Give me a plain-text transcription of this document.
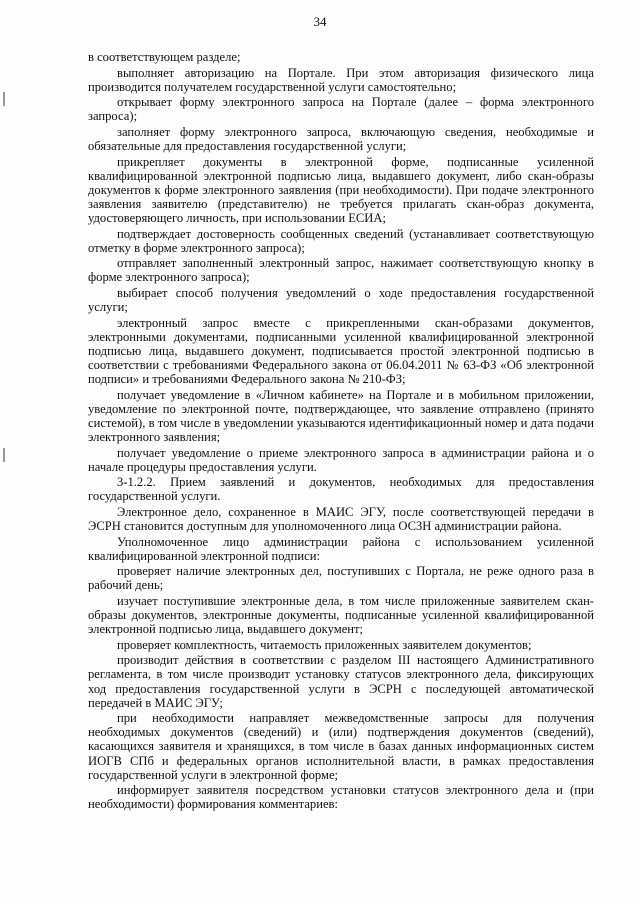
34

в соответствующем разделе;

выполняет авторизацию на Портале. При этом авторизация физического лица производится получателем государственной услуги самостоятельно;

открывает форму электронного запроса на Портале (далее – форма электронного запроса);

заполняет форму электронного запроса, включающую сведения, необходимые и обязательные для предоставления государственной услуги;

прикрепляет документы в электронной форме, подписанные усиленной квалифицированной электронной подписью лица, выдавшего документ, либо скан-образы документов к форме электронного заявления (при необходимости). При подаче электронного заявления заявителю (представителю) не требуется прилагать скан-образ документа, удостоверяющего личность, при использовании ЕСИА;

подтверждает достоверность сообщенных сведений (устанавливает соответствующую отметку в форме электронного запроса);

отправляет заполненный электронный запрос, нажимает соответствующую кнопку в форме электронного запроса);

выбирает способ получения уведомлений о ходе предоставления государственной услуги;

электронный запрос вместе с прикрепленными скан-образами документов, электронными документами, подписанными усиленной квалифицированной электронной подписью лица, выдавшего документ, подписывается простой электронной подписью в соответствии с требованиями Федерального закона от 06.04.2011 № 63-ФЗ «Об электронной подписи» и требованиями Федерального закона № 210-ФЗ;

получает уведомление в «Личном кабинете» на Портале и в мобильном приложении, уведомление по электронной почте, подтверждающее, что заявление отправлено (принято системой), в том числе в уведомлении указываются идентификационный номер и дата подачи электронного заявления;

получает уведомление о приеме электронного запроса в администрации района и о начале процедуры предоставления услуги.

3-1.2.2. Прием заявлений и документов, необходимых для предоставления государственной услуги.

Электронное дело, сохраненное в МАИС ЭГУ, после соответствующей передачи в ЭСРН становится доступным для уполномоченного лица ОСЗН администрации района.

Уполномоченное лицо администрации района с использованием усиленной квалифицированной электронной подписи:

проверяет наличие электронных дел, поступивших с Портала, не реже одного раза в рабочий день;

изучает поступившие электронные дела, в том числе приложенные заявителем скан-образы документов, электронные документы, подписанные усиленной квалифицированной электронной подписью лица, выдавшего документ;

проверяет комплектность, читаемость приложенных заявителем документов;

производит действия в соответствии с разделом III настоящего Административного регламента, в том числе производит установку статусов электронного дела, фиксирующих ход предоставления государственной услуги в ЭСРН с последующей автоматической передачей в МАИС ЭГУ;

при необходимости направляет межведомственные запросы для получения необходимых документов (сведений) и (или) подтверждения документов (сведений), касающихся заявителя и хранящихся, в том числе в базах данных информационных систем ИОГВ СПб и федеральных органов исполнительной власти, в рамках предоставления государственной услуги в электронной форме;

информирует заявителя посредством установки статусов электронного дела и (при необходимости) формирования комментариев:
